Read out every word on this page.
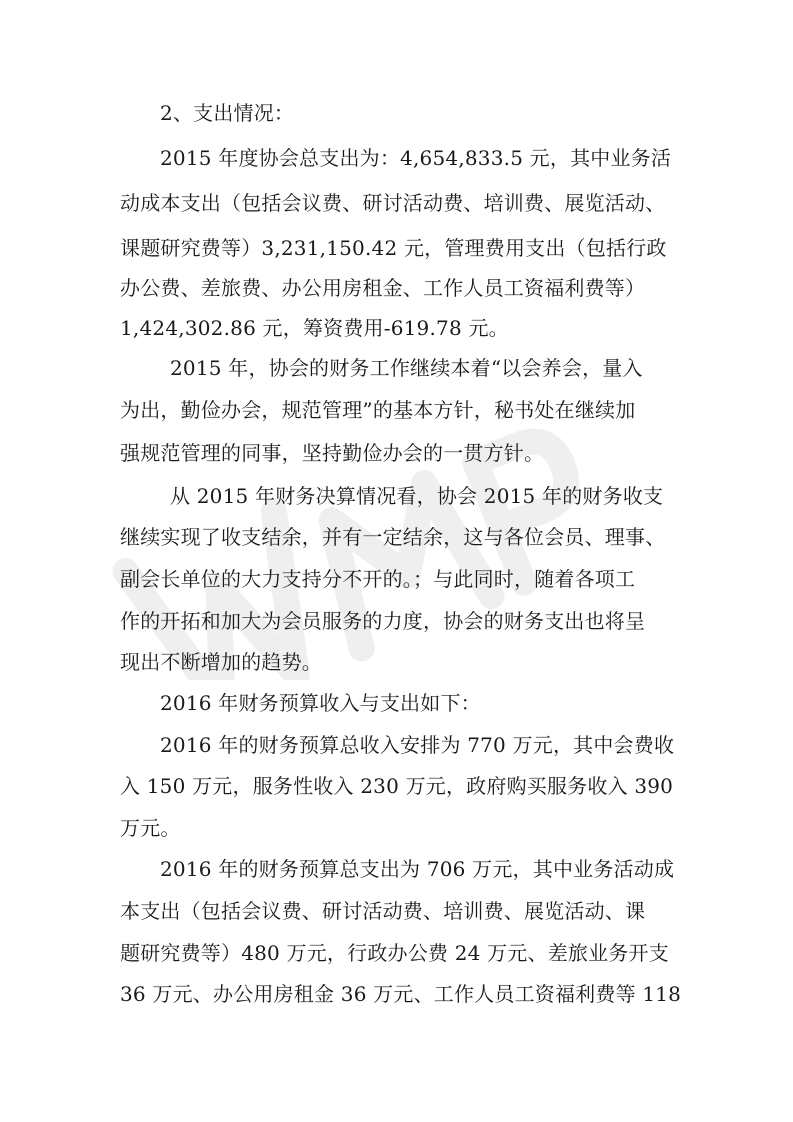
2、支出情况：
2015 年度协会总支出为：4,654,833.5 元，其中业务活
动成本支出（包括会议费、研讨活动费、培训费、展览活动、
课题研究费等）3,231,150.42 元，管理费用支出（包括行政
办公费、差旅费、办公用房租金、工作人员工资福利费等）
1,424,302.86 元，筹资费用-619.78 元。
2015 年，协会的财务工作继续本着“以会养会，量入
为出，勤俭办会，规范管理”的基本方针，秘书处在继续加
强规范管理的同事，坚持勤俭办会的一贯方针。
从 2015 年财务决算情况看，协会 2015 年的财务收支
继续实现了收支结余，并有一定结余，这与各位会员、理事、
副会长单位的大力支持分不开的。；与此同时，随着各项工
作的开拓和加大为会员服务的力度，协会的财务支出也将呈
现出不断增加的趋势。
2016 年财务预算收入与支出如下：
2016 年的财务预算总收入安排为 770 万元，其中会费收
入 150 万元，服务性收入 230 万元，政府购买服务收入 390
万元。
2016 年的财务预算总支出为 706 万元，其中业务活动成
本支出（包括会议费、研讨活动费、培训费、展览活动、课
题研究费等）480 万元，行政办公费 24 万元、差旅业务开支
36 万元、办公用房租金 36 万元、工作人员工资福利费等 118
